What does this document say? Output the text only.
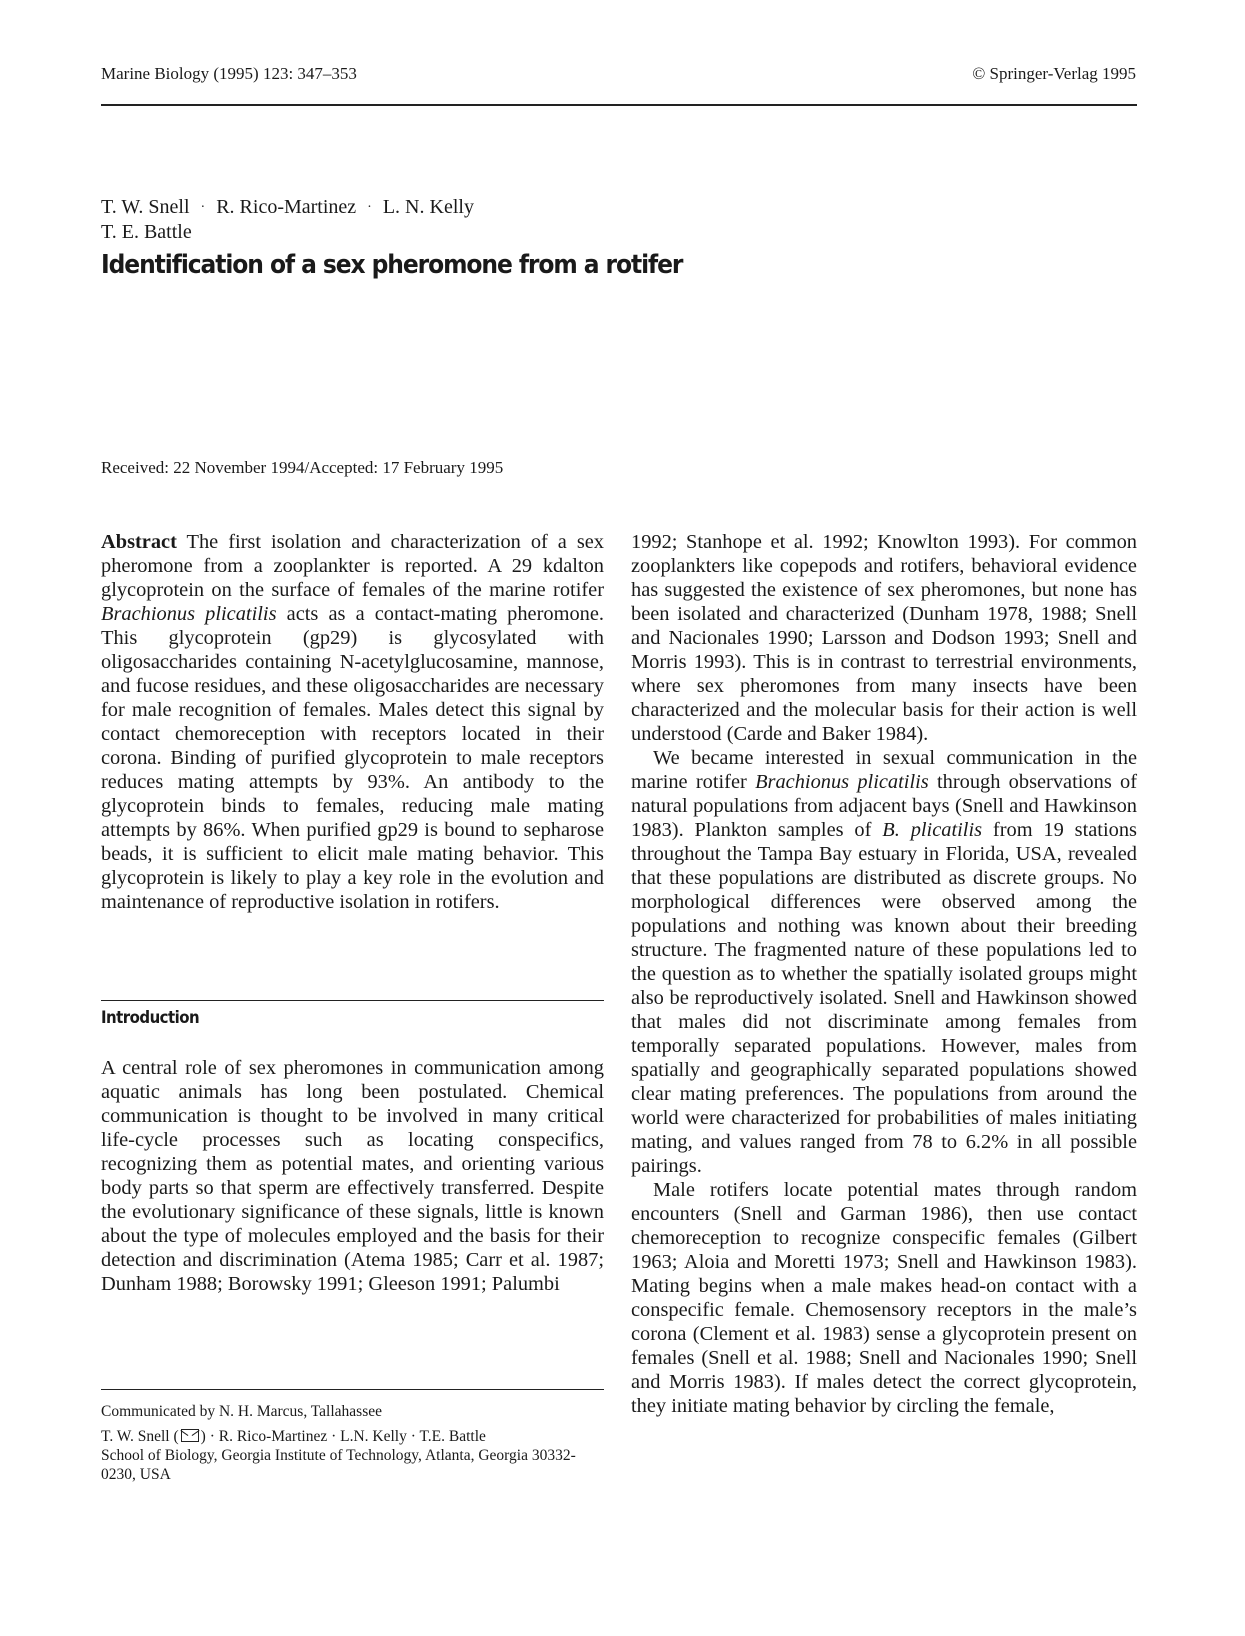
Marine Biology (1995) 123: 347–353	© Springer-Verlag 1995
T. W. Snell · R. Rico-Martinez · L. N. Kelly
T. E. Battle
Identification of a sex pheromone from a rotifer
Received: 22 November 1994/Accepted: 17 February 1995

Abstract The first isolation and characterization of a sex pheromone from a zooplankter is reported. A 29 kdalton glycoprotein on the surface of females of the marine rotifer Brachionus plicatilis acts as a contact-mating pheromone. This glycoprotein (gp29) is glycosylated with oligosaccharides containing N-acetylglucosamine, mannose, and fucose residues, and these oligosaccharides are necessary for male recognition of females. Males detect this signal by contact chemoreception with receptors located in their corona. Binding of purified glycoprotein to male receptors reduces mating attempts by 93%. An antibody to the glycoprotein binds to females, reducing male mating attempts by 86%. When purified gp29 is bound to sepharose beads, it is sufficient to elicit male mating behavior. This glycoprotein is likely to play a key role in the evolution and maintenance of reproductive isolation in rotifers.

Introduction

A central role of sex pheromones in communication among aquatic animals has long been postulated. Chemical communication is thought to be involved in many critical life-cycle processes such as locating conspecifics, recognizing them as potential mates, and orienting various body parts so that sperm are effectively transferred. Despite the evolutionary significance of these signals, little is known about the type of molecules employed and the basis for their detection and discrimination (Atema 1985; Carr et al. 1987; Dunham 1988; Borowsky 1991; Gleeson 1991; Palumbi

Communicated by N. H. Marcus, Tallahassee

T. W. Snell ( ) · R. Rico-Martinez · L.N. Kelly · T.E. Battle

School of Biology, Georgia Institute of Technology, Atlanta, Georgia 30332-0230, USA

1992; Stanhope et al. 1992; Knowlton 1993). For common zooplankters like copepods and rotifers, behavioral evidence has suggested the existence of sex pheromones, but none has been isolated and characterized (Dunham 1978, 1988; Snell and Nacionales 1990; Larsson and Dodson 1993; Snell and Morris 1993). This is in contrast to terrestrial environments, where sex pheromones from many insects have been characterized and the molecular basis for their action is well understood (Carde and Baker 1984).

We became interested in sexual communication in the marine rotifer Brachionus plicatilis through observations of natural populations from adjacent bays (Snell and Hawkinson 1983). Plankton samples of B. plicatilis from 19 stations throughout the Tampa Bay estuary in Florida, USA, revealed that these populations are distributed as discrete groups. No morphological differences were observed among the populations and nothing was known about their breeding structure. The fragmented nature of these populations led to the question as to whether the spatially isolated groups might also be reproductively isolated. Snell and Hawkinson showed that males did not discriminate among females from temporally separated populations. However, males from spatially and geographically separated populations showed clear mating preferences. The populations from around the world were characterized for probabilities of males initiating mating, and values ranged from 78 to 6.2% in all possible pairings.

Male rotifers locate potential mates through random encounters (Snell and Garman 1986), then use contact chemoreception to recognize conspecific females (Gilbert 1963; Aloia and Moretti 1973; Snell and Hawkinson 1983). Mating begins when a male makes head-on contact with a conspecific female. Chemosensory receptors in the male’s corona (Clement et al. 1983) sense a glycoprotein present on females (Snell et al. 1988; Snell and Nacionales 1990; Snell and Morris 1983). If males detect the correct glycoprotein, they initiate mating behavior by circling the female,
